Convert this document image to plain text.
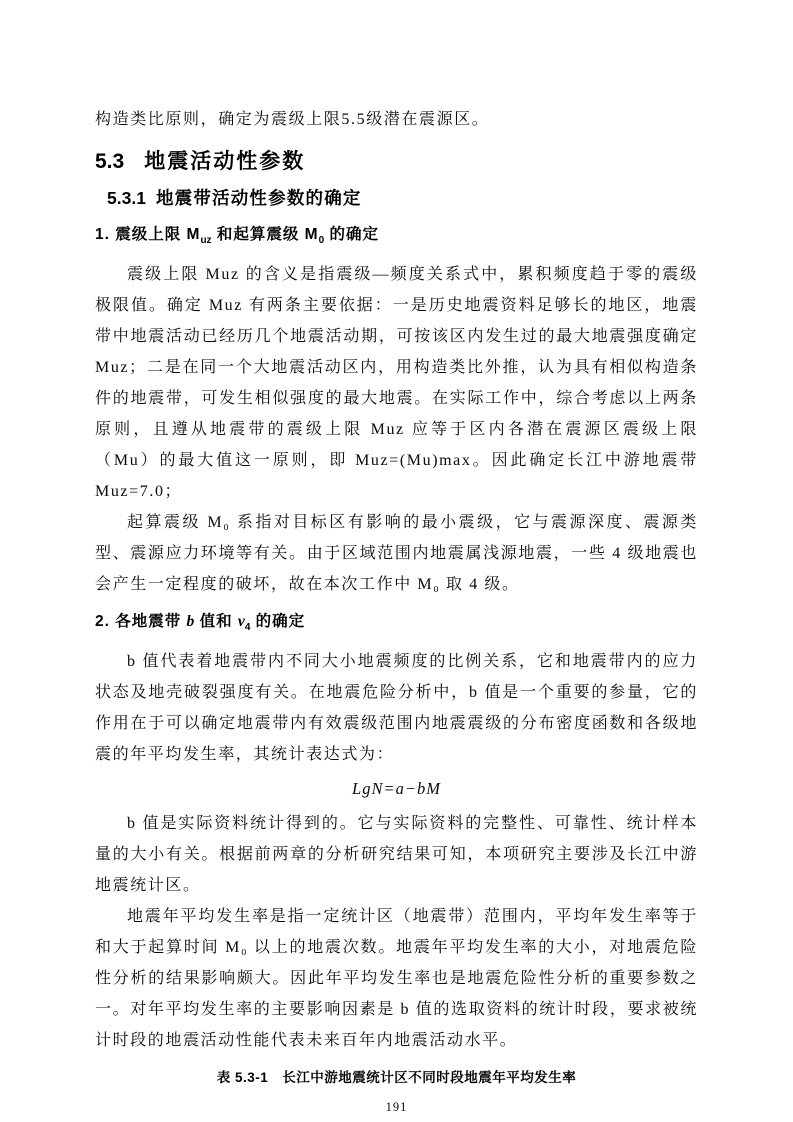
构造类比原则，确定为震级上限5.5级潜在震源区。

5.3 地震活动性参数
5.3.1 地震带活动性参数的确定
1. 震级上限 $M_{uz}$ 和起算震级 $M_0$ 的确定

震级上限 Muz 的含义是指震级—频度关系式中，累积频度趋于零的震级极限值。确定 Muz 有两条主要依据：一是历史地震资料足够长的地区，地震带中地震活动已经历几个地震活动期，可按该区内发生过的最大地震强度确定 Muz；二是在同一个大地震活动区内，用构造类比外推，认为具有相似构造条件的地震带，可发生相似强度的最大地震。在实际工作中，综合考虑以上两条原则，且遵从地震带的震级上限 Muz 应等于区内各潜在震源区震级上限（Mu）的最大值这一原则，即 Muz=(Mu)max。因此确定长江中游地震带 Muz=7.0；

起算震级 M₀ 系指对目标区有影响的最小震级，它与震源深度、震源类型、震源应力环境等有关。由于区域范围内地震属浅源地震，一些 4 级地震也会产生一定程度的破坏，故在本次工作中 M₀ 取 4 级。

2. 各地震带 b 值和 $\nu_4$ 的确定

b 值代表着地震带内不同大小地震频度的比例关系，它和地震带内的应力状态及地壳破裂强度有关。在地震危险分析中，b 值是一个重要的参量，它的作用在于可以确定地震带内有效震级范围内地震震级的分布密度函数和各级地震的年平均发生率，其统计表达式为：

LgN=a−bM

b 值是实际资料统计得到的。它与实际资料的完整性、可靠性、统计样本量的大小有关。根据前两章的分析研究结果可知，本项研究主要涉及长江中游地震统计区。

地震年平均发生率是指一定统计区（地震带）范围内，平均年发生率等于和大于起算时间 M₀ 以上的地震次数。地震年平均发生率的大小，对地震危险性分析的结果影响颇大。因此年平均发生率也是地震危险性分析的重要参数之一。对年平均发生率的主要影响因素是 b 值的选取资料的统计时段，要求被统计时段的地震活动性能代表未来百年内地震活动水平。

表 5.3-1　长江中游地震统计区不同时段地震年平均发生率
191
